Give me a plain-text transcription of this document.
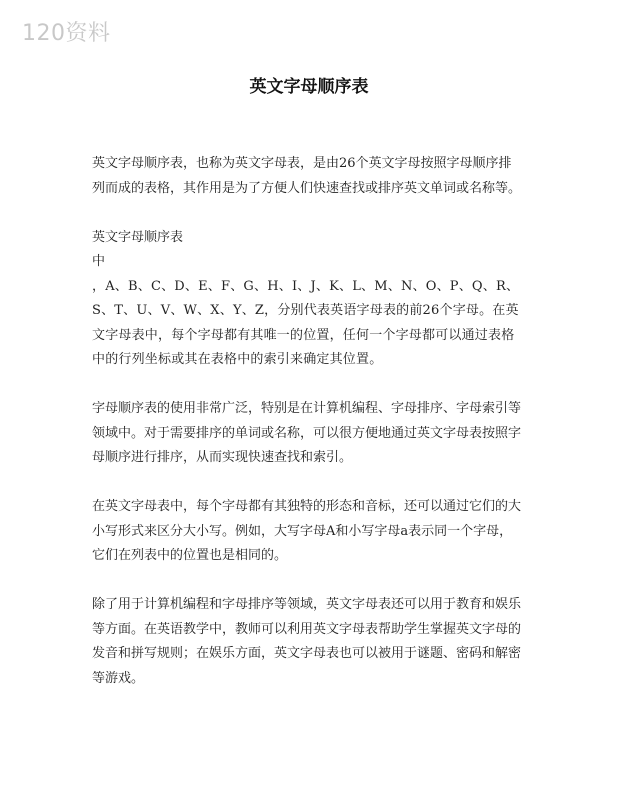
120资料
英文字母顺序表

英文字母顺序表，也称为英文字母表，是由26个英文字母按照字母顺序排列而成的表格，其作用是为了方便人们快速查找或排序英文单词或名称等。

英文字母顺序表
中
，A、B、C、D、E、F、G、H、I、J、K、L、M、N、O、P、Q、R、S、T、U、V、W、X、Y、Z，分别代表英语字母表的前26个字母。在英文字母表中，每个字母都有其唯一的位置，任何一个字母都可以通过表格中的行列坐标或其在表格中的索引来确定其位置。

字母顺序表的使用非常广泛，特别是在计算机编程、字母排序、字母索引等领域中。对于需要排序的单词或名称，可以很方便地通过英文字母表按照字母顺序进行排序，从而实现快速查找和索引。

在英文字母表中，每个字母都有其独特的形态和音标，还可以通过它们的大小写形式来区分大小写。例如，大写字母A和小写字母a表示同一个字母，它们在列表中的位置也是相同的。

除了用于计算机编程和字母排序等领域，英文字母表还可以用于教育和娱乐等方面。在英语教学中，教师可以利用英文字母表帮助学生掌握英文字母的发音和拼写规则；在娱乐方面，英文字母表也可以被用于谜题、密码和解密等游戏。
